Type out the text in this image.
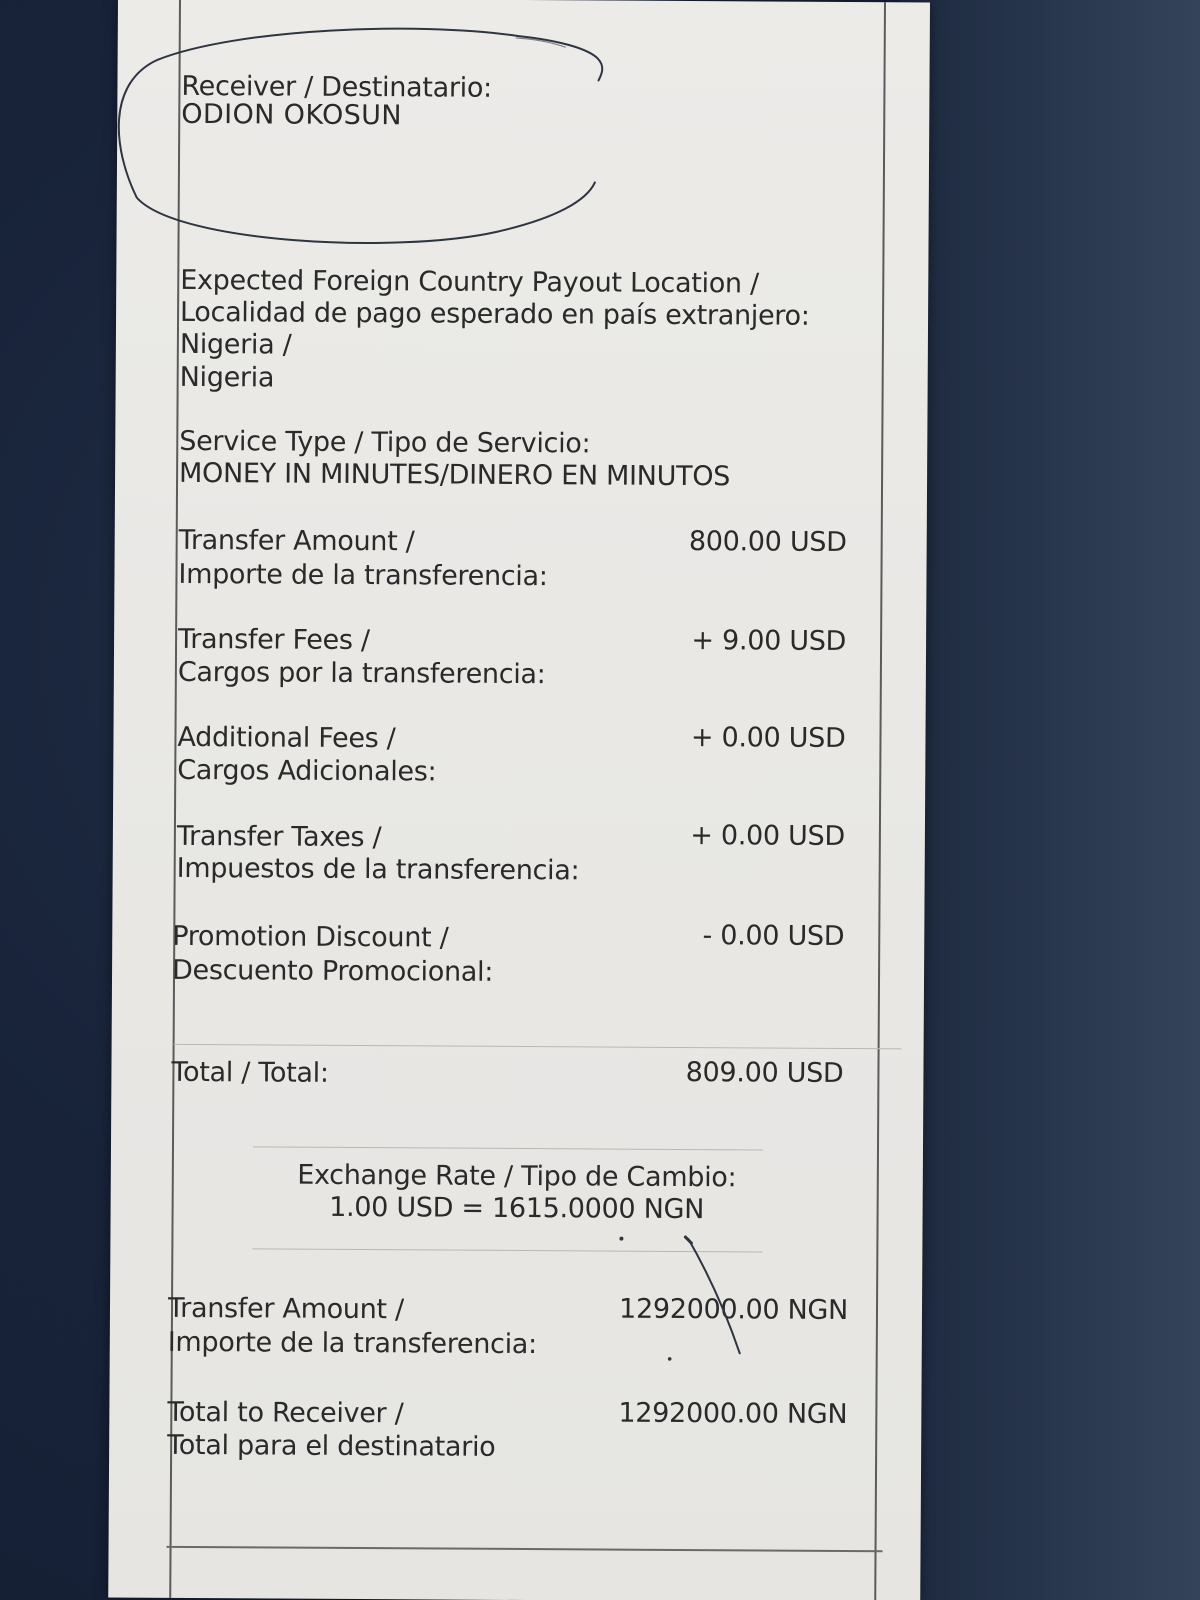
Receiver / Destinatario:
ODION OKOSUN
Expected Foreign Country Payout Location /
Localidad de pago esperado en país extranjero:
Nigeria /
Nigeria
Service Type / Tipo de Servicio:
MONEY IN MINUTES/DINERO EN MINUTOS
Transfer Amount /
Importe de la transferencia:
800.00 USD
Transfer Fees /
Cargos por la transferencia:
+ 9.00 USD
Additional Fees /
Cargos Adicionales:
+ 0.00 USD
Transfer Taxes /
Impuestos de la transferencia:
+ 0.00 USD
Promotion Discount /
Descuento Promocional:
- 0.00 USD
Total / Total:	809.00 USD
Exchange Rate / Tipo de Cambio:
1.00 USD = 1615.0000 NGN
Transfer Amount /
Importe de la transferencia:
1292000.00 NGN
Total to Receiver /
Total para el destinatario
1292000.00 NGN
